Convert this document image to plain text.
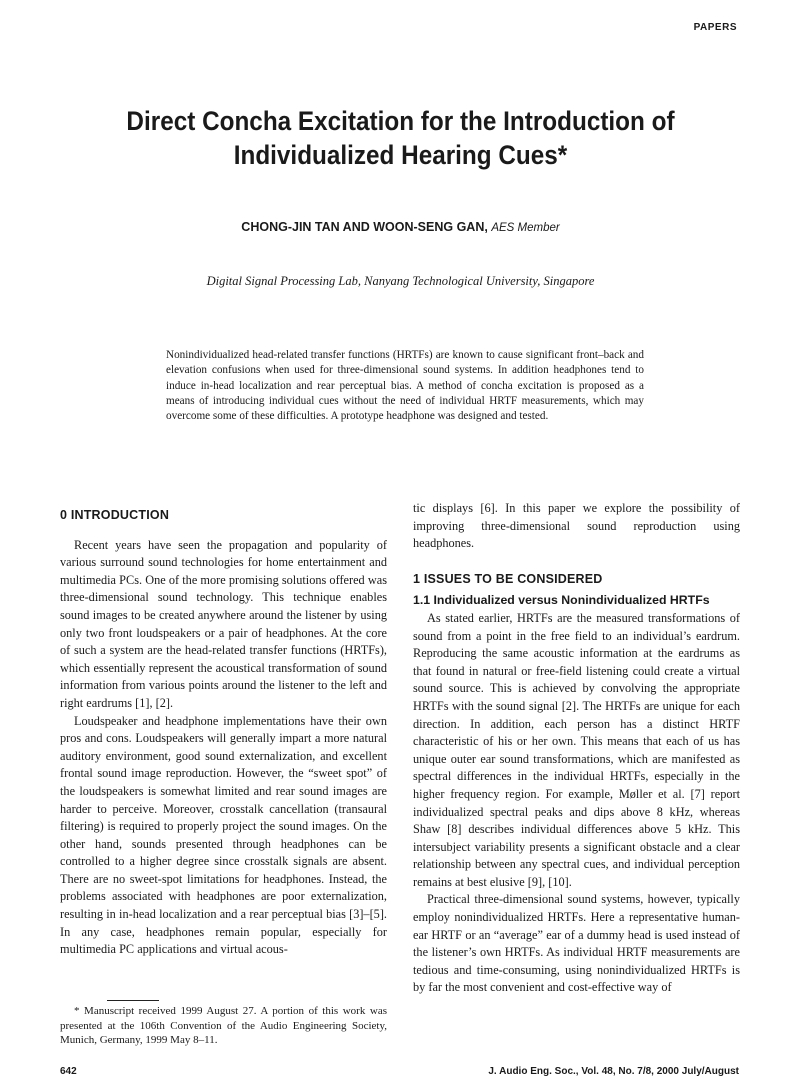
PAPERS
Direct Concha Excitation for the Introduction of
Individualized Hearing Cues*
CHONG-JIN TAN AND WOON-SENG GAN, AES Member
Digital Signal Processing Lab, Nanyang Technological University, Singapore
Nonindividualized head-related transfer functions (HRTFs) are known to cause significant front–back and elevation confusions when used for three-dimensional sound systems. In addition headphones tend to induce in-head localization and rear perceptual bias. A method of concha excitation is proposed as a means of introducing individual cues without the need of individual HRTF measurements, which may overcome some of these difficulties. A prototype headphone was designed and tested.
0 INTRODUCTION

Recent years have seen the propagation and popularity of various surround sound technologies for home entertainment and multimedia PCs. One of the more promising solutions offered was three-dimensional sound technology. This technique enables sound images to be created anywhere around the listener by using only two front loudspeakers or a pair of headphones. At the core of such a system are the head-related transfer functions (HRTFs), which essentially represent the acoustical transformation of sound information from various points around the listener to the left and right eardrums [1], [2].

Loudspeaker and headphone implementations have their own pros and cons. Loudspeakers will generally impart a more natural auditory environment, good sound externalization, and excellent frontal sound image reproduction. However, the “sweet spot” of the loudspeakers is somewhat limited and rear sound images are harder to perceive. Moreover, crosstalk cancellation (transaural filtering) is required to properly project the sound images. On the other hand, sounds presented through headphones can be controlled to a higher degree since crosstalk signals are absent. There are no sweet-spot limitations for headphones. Instead, the problems associated with headphones are poor externalization, resulting in in-head localization and a rear perceptual bias [3]–[5]. In any case, headphones remain popular, especially for multimedia PC applications and virtual acous-

tic displays [6]. In this paper we explore the possibility of improving three-dimensional sound reproduction using headphones.

1 ISSUES TO BE CONSIDERED
1.1 Individualized versus Nonindividualized HRTFs

As stated earlier, HRTFs are the measured transformations of sound from a point in the free field to an individual’s eardrum. Reproducing the same acoustic information at the eardrums as that found in natural or free-field listening could create a virtual sound source. This is achieved by convolving the appropriate HRTFs with the sound signal [2]. The HRTFs are unique for each direction. In addition, each person has a distinct HRTF characteristic of his or her own. This means that each of us has unique outer ear sound transformations, which are manifested as spectral differences in the individual HRTFs, especially in the higher frequency region. For example, Møller et al. [7] report individualized spectral peaks and dips above 8 kHz, whereas Shaw [8] describes individual differences above 5 kHz. This intersubject variability presents a significant obstacle and a clear relationship between any spectral cues, and individual perception remains at best elusive [9], [10].

Practical three-dimensional sound systems, however, typically employ nonindividualized HRTFs. Here a representative human-ear HRTF or an “average” ear of a dummy head is used instead of the listener’s own HRTFs. As individual HRTF measurements are tedious and time-consuming, using nonindividualized HRTFs is by far the most convenient and cost-effective way of

* Manuscript received 1999 August 27. A portion of this work was presented at the 106th Convention of the Audio Engineering Society, Munich, Germany, 1999 May 8–11.
642	J. Audio Eng. Soc., Vol. 48, No. 7/8, 2000 July/August
